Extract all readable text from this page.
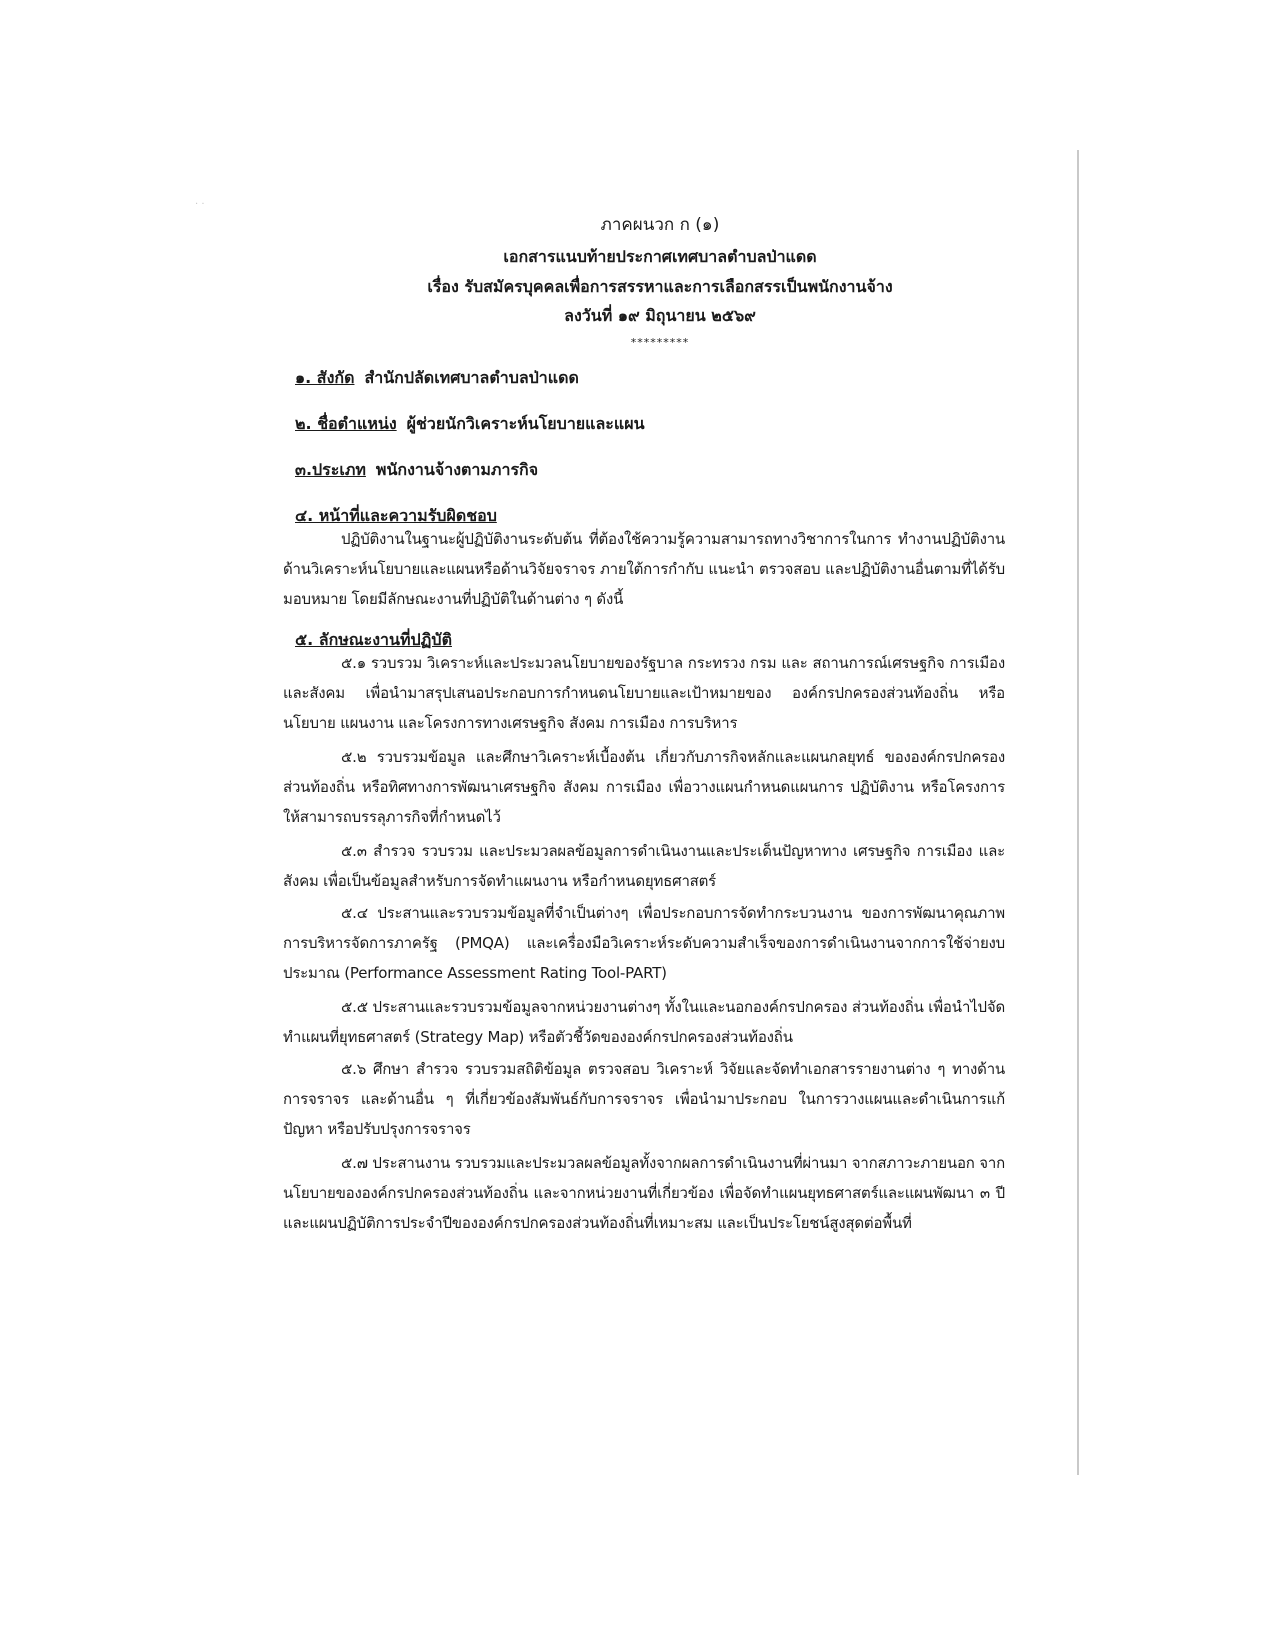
· ·
ภาคผนวก ก (๑)
เอกสารแนบท้ายประกาศเทศบาลตำบลป่าแดด
เรื่อง รับสมัครบุคคลเพื่อการสรรหาและการเลือกสรรเป็นพนักงานจ้าง
ลงวันที่ ๑๙ มิถุนายน ๒๕๖๙
*********
๑. สังกัด สำนักปลัดเทศบาลตำบลป่าแดด
๒. ชื่อตำแหน่ง ผู้ช่วยนักวิเคราะห์นโยบายและแผน
๓.ประเภท พนักงานจ้างตามภารกิจ
๔. หน้าที่และความรับผิดชอบ

ปฏิบัติงานในฐานะผู้ปฏิบัติงานระดับต้น ที่ต้องใช้ความรู้ความสามารถทางวิชาการในการ ทำงานปฏิบัติงานด้านวิเคราะห์นโยบายและแผนหรือด้านวิจัยจราจร ภายใต้การกำกับ แนะนำ ตรวจสอบ และปฏิบัติงานอื่นตามที่ได้รับมอบหมาย โดยมีลักษณะงานที่ปฏิบัติในด้านต่าง ๆ ดังนี้

๕. ลักษณะงานที่ปฏิบัติ

๕.๑ รวบรวม วิเคราะห์และประมวลนโยบายของรัฐบาล กระทรวง กรม และ สถานการณ์เศรษฐกิจ การเมือง และสังคม เพื่อนำมาสรุปเสนอประกอบการกำหนดนโยบายและเป้าหมายของ องค์กรปกครองส่วนท้องถิ่น หรือนโยบาย แผนงาน และโครงการทางเศรษฐกิจ สังคม การเมือง การบริหาร

๕.๒ รวบรวมข้อมูล และศึกษาวิเคราะห์เบื้องต้น เกี่ยวกับภารกิจหลักและแผนกลยุทธ์ ขององค์กรปกครองส่วนท้องถิ่น หรือทิศทางการพัฒนาเศรษฐกิจ สังคม การเมือง เพื่อวางแผนกำหนดแผนการ ปฏิบัติงาน หรือโครงการให้สามารถบรรลุภารกิจที่กำหนดไว้

๕.๓ สำรวจ รวบรวม และประมวลผลข้อมูลการดำเนินงานและประเด็นปัญหาทาง เศรษฐกิจ การเมือง และสังคม เพื่อเป็นข้อมูลสำหรับการจัดทำแผนงาน หรือกำหนดยุทธศาสตร์

๕.๔ ประสานและรวบรวมข้อมูลที่จำเป็นต่างๆ เพื่อประกอบการจัดทำกระบวนงาน ของการพัฒนาคุณภาพการบริหารจัดการภาครัฐ (PMQA) และเครื่องมือวิเคราะห์ระดับความสำเร็จของการดำเนินงานจากการใช้จ่ายงบประมาณ (Performance Assessment Rating Tool-PART)

๕.๕ ประสานและรวบรวมข้อมูลจากหน่วยงานต่างๆ ทั้งในและนอกองค์กรปกครอง ส่วนท้องถิ่น เพื่อนำไปจัดทำแผนที่ยุทธศาสตร์ (Strategy Map) หรือตัวชี้วัดขององค์กรปกครองส่วนท้องถิ่น

๕.๖ ศึกษา สำรวจ รวบรวมสถิติข้อมูล ตรวจสอบ วิเคราะห์ วิจัยและจัดทำเอกสารรายงานต่าง ๆ ทางด้านการจราจร และด้านอื่น ๆ ที่เกี่ยวข้องสัมพันธ์กับการจราจร เพื่อนำมาประกอบ ในการวางแผนและดำเนินการแก้ปัญหา หรือปรับปรุงการจราจร

๕.๗ ประสานงาน รวบรวมและประมวลผลข้อมูลทั้งจากผลการดำเนินงานที่ผ่านมา จากสภาวะภายนอก จากนโยบายขององค์กรปกครองส่วนท้องถิ่น และจากหน่วยงานที่เกี่ยวข้อง เพื่อจัดทำแผนยุทธศาสตร์และแผนพัฒนา ๓ ปีและแผนปฏิบัติการประจำปีขององค์กรปกครองส่วนท้องถิ่นที่เหมาะสม และเป็นประโยชน์สูงสุดต่อพื้นที่
